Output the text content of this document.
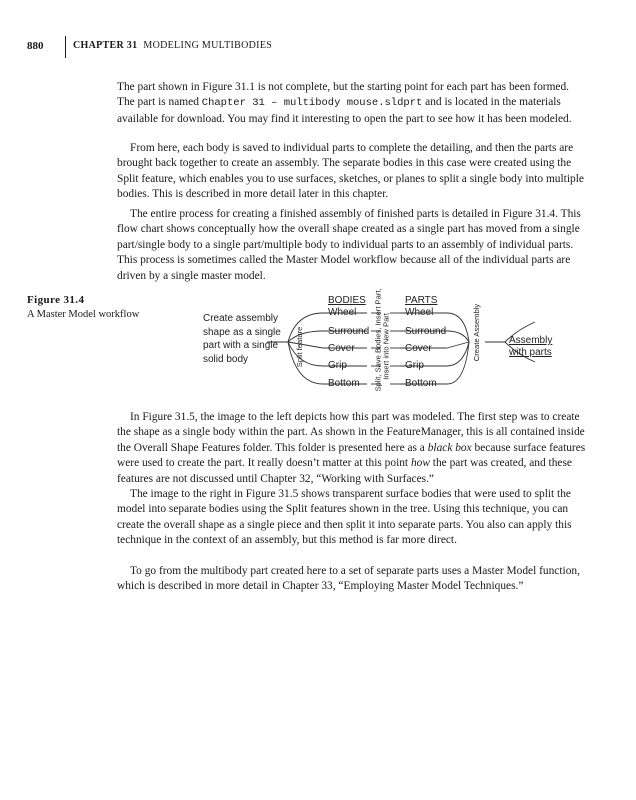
880	CHAPTER 31 MODELING MULTIBODIES

The part shown in Figure 31.1 is not complete, but the starting point for each part has been formed. The part is named Chapter 31 – multibody mouse.sldprt and is located in the materials available for download. You may find it interesting to open the part to see how it has been modeled.

From here, each body is saved to individual parts to complete the detailing, and then the parts are brought back together to create an assembly. The separate bodies in this case were created using the Split feature, which enables you to use surfaces, sketches, or planes to split a single body into multiple bodies. This is described in more detail later in this chapter.

The entire process for creating a finished assembly of finished parts is detailed in Figure 31.4. This flow chart shows conceptually how the overall shape created as a single part has moved from a single part/single body to a single part/multiple body to individual parts to an assembly of individual parts. This process is sometimes called the Master Model workflow because all of the individual parts are driven by a single master model.

Figure 31.4
A Master Model workflow	Create assembly shape as a single part with a single solid body	Split feature
BODIES
Wheel
Surround
Cover
Grip
Bottom Split, Save Bodies, Insert Part,
Insert into New Part
PARTS
Wheel
Surround
Cover
Grip
Bottom
Create Assembly	Assembly with parts

In Figure 31.5, the image to the left depicts how this part was modeled. The first step was to create the shape as a single body within the part. As shown in the FeatureManager, this is all contained inside the Overall Shape Features folder. This folder is presented here as a black box because surface features were used to create the part. It really doesn’t matter at this point how the part was created, and these features are not discussed until Chapter 32, “Working with Surfaces.”

The image to the right in Figure 31.5 shows transparent surface bodies that were used to split the model into separate bodies using the Split features shown in the tree. Using this technique, you can create the overall shape as a single piece and then split it into separate parts. You also can apply this technique in the context of an assembly, but this method is far more direct.

To go from the multibody part created here to a set of separate parts uses a Master Model function, which is described in more detail in Chapter 33, “Employing Master Model Techniques.”
